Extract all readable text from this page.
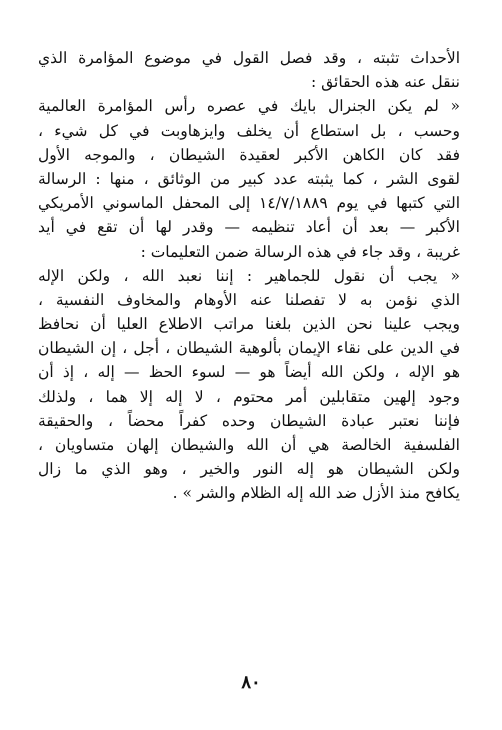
الأحداث تثبته ، وقد فصل القول في موضوع المؤامرة الذي
ننقل عنه هذه الحقائق :
« لم يكن الجنرال بايك في عصره رأس المؤامرة العالمية
وحسب ، بل استطاع أن يخلف وايزهاوبت في كل شيء ،
فقد كان الكاهن الأكبر لعقيدة الشيطان ، والموجه الأول
لقوى الشر ، كما يثبته عدد كبير من الوثائق ، منها : الرسالة
التي كتبها في يوم ١٤/٧/١٨٨٩ إلى المحفل الماسوني الأمريكي
الأكبر — بعد أن أعاد تنظيمه — وقدر لها أن تقع في أيد
غريبة ، وقد جاء في هذه الرسالة ضمن التعليمات :
« يجب أن نقول للجماهير : إننا نعبد الله ، ولكن الإله
الذي نؤمن به لا تفصلنا عنه الأوهام والمخاوف النفسية ،
ويجب علينا نحن الذين بلغنا مراتب الاطلاع العليا أن نحافظ
في الدين على نقاء الإيمان بألوهية الشيطان ، أجل ، إن الشيطان
هو الإله ، ولكن الله أيضاً هو — لسوء الحظ — إله ، إذ أن
وجود إلهين متقابلين أمر محتوم ، لا إله إلا هما ، ولذلك
فإننا نعتبر عبادة الشيطان وحده كفراً محضاً ، والحقيقة
الفلسفية الخالصة هي أن الله والشيطان إلهان متساويان ،
ولكن الشيطان هو إله النور والخير ، وهو الذي ما زال
يكافح منذ الأزل ضد الله إله الظلام والشر » .
٨٠
